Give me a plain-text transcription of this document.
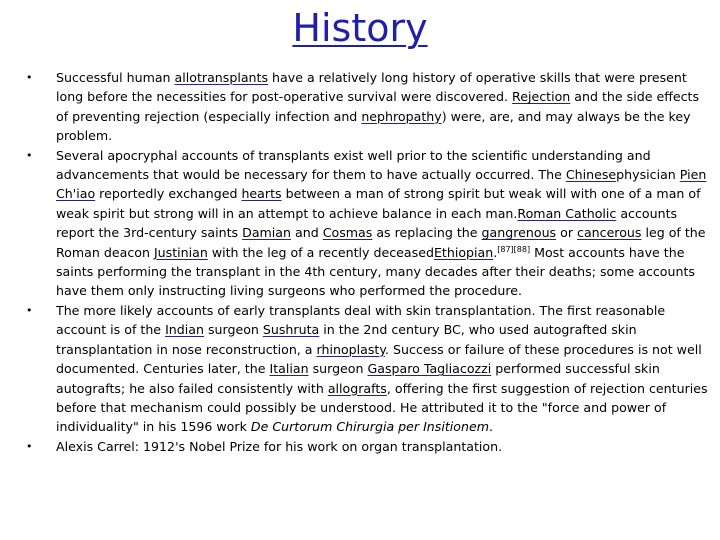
History
• Successful human allotransplants have a relatively long history of operative skills that were present long before the necessities for post-operative survival were discovered. Rejection and the side effects of preventing rejection (especially infection and nephropathy) were, are, and may always be the key problem.
• Several apocryphal accounts of transplants exist well prior to the scientific understanding and advancements that would be necessary for them to have actually occurred. The Chinesephysician Pien Ch'iao reportedly exchanged hearts between a man of strong spirit but weak will with one of a man of weak spirit but strong will in an attempt to achieve balance in each man.Roman Catholic accounts report the 3rd-century saints Damian and Cosmas as replacing the gangrenous or cancerous leg of the Roman deacon Justinian with the leg of a recently deceasedEthiopian.[87][88] Most accounts have the saints performing the transplant in the 4th century, many decades after their deaths; some accounts have them only instructing living surgeons who performed the procedure.
• The more likely accounts of early transplants deal with skin transplantation. The first reasonable account is of the Indian surgeon Sushruta in the 2nd century BC, who used autografted skin transplantation in nose reconstruction, a rhinoplasty. Success or failure of these procedures is not well documented. Centuries later, the Italian surgeon Gasparo Tagliacozzi performed successful skin autografts; he also failed consistently with allografts, offering the first suggestion of rejection centuries before that mechanism could possibly be understood. He attributed it to the "force and power of individuality" in his 1596 work De Curtorum Chirurgia per Insitionem.
• Alexis Carrel: 1912's Nobel Prize for his work on organ transplantation.
